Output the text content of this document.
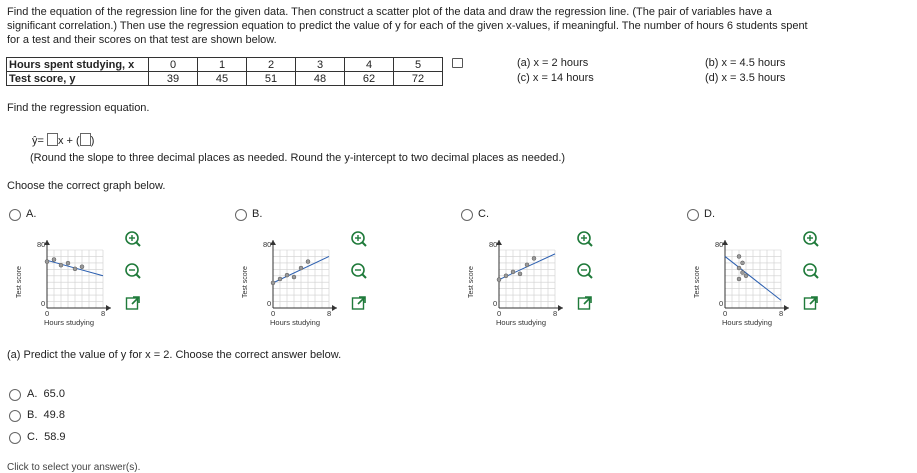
Find the equation of the regression line for the given data. Then construct a scatter plot of the data and draw the regression line. (The pair of variables have a
significant correlation.) Then use the regression equation to predict the value of y for each of the given x-values, if meaningful. The number of hours 6 students spent
for a test and their scores on that test are shown below.
Hours spent studying, x	0	1	2	3	4	5
Test score, y	39	45	51	48	62	72
(a) x = 2 hours
(c) x = 14 hours
(b) x = 4.5 hours
(d) x = 3.5 hours
Find the regression equation.
ŷ= x + ( )
(Round the slope to three decimal places as needed. Round the y-intercept to two decimal places as needed.)
Choose the correct graph below.
A.
80
0
0	8
Hours studying
Test score
B.
80
0
0	8
Hours studying
Test score
C.
80
0
0	8
Hours studying
Test score
D.
80
0
0	8
Hours studying
Test score
(a) Predict the value of y for x = 2. Choose the correct answer below.
A. 65.0
B. 49.8
C. 58.9
Click to select your answer(s).
